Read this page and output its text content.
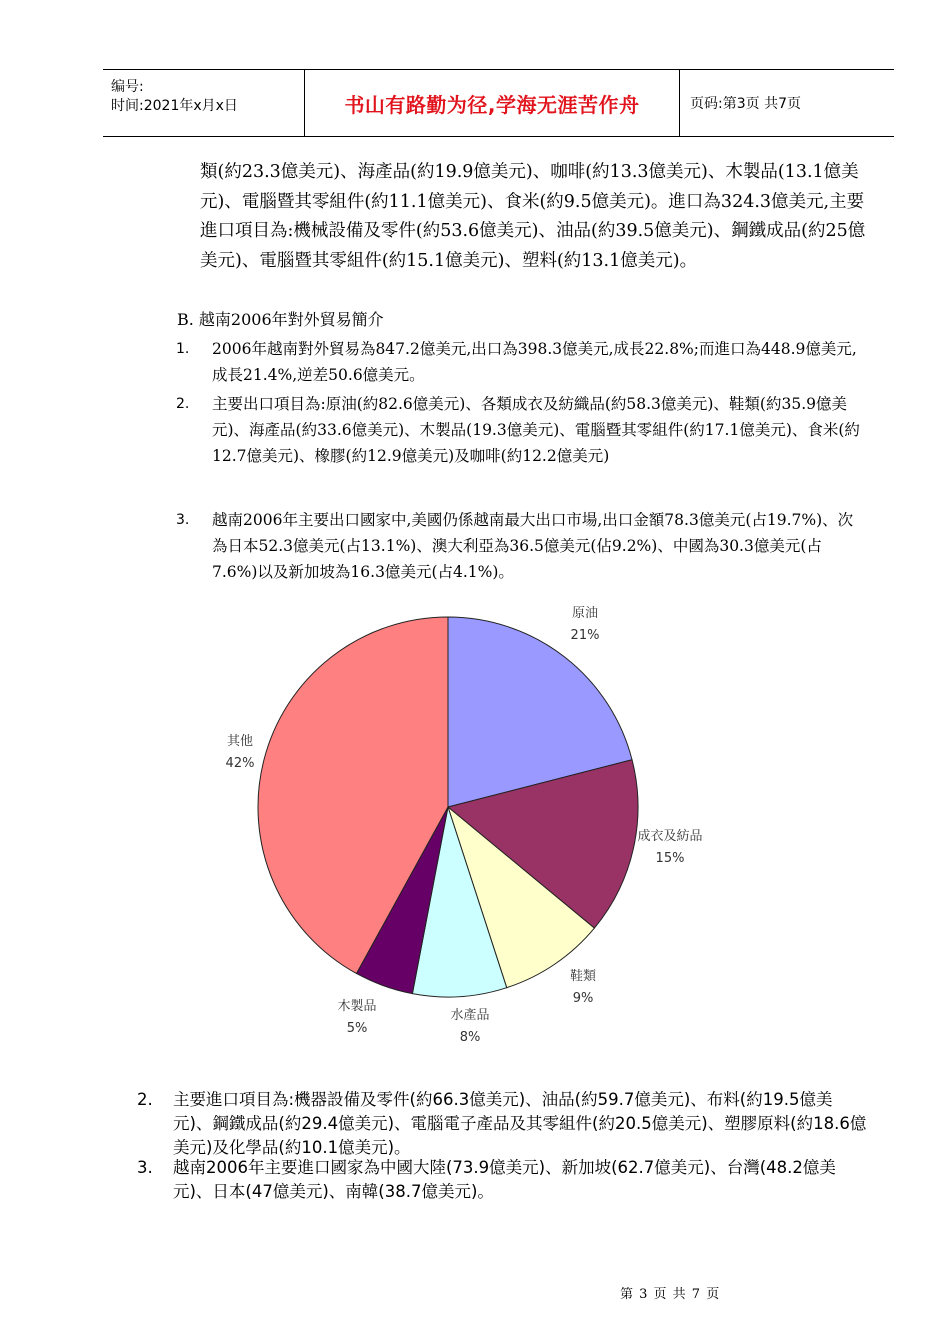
编号:
时间:2021年x月x日	书山有路勤为径,学海无涯苦作舟	页码:第3页 共7页

類(約23.3億美元)、海產品(約19.9億美元)、咖啡(約13.3億美元)、木製品(13.1億美元)、電腦暨其零組件(約11.1億美元)、食米(約9.5億美元)。進口為324.3億美元,主要進口項目為:機械設備及零件(約53.6億美元)、油品(約39.5億美元)、鋼鐵成品(約25億美元)、電腦暨其零組件(約15.1億美元)、塑料(約13.1億美元)。

B. 越南2006年對外貿易簡介
1. 2006年越南對外貿易為847.2億美元,出口為398.3億美元,成長22.8%;而進口為448.9億美元,成長21.4%,逆差50.6億美元。
2. 主要出口項目為:原油(約82.6億美元)、各類成衣及紡織品(約58.3億美元)、鞋類(約35.9億美元)、海產品(約33.6億美元)、木製品(19.3億美元)、電腦暨其零組件(約17.1億美元)、食米(約12.7億美元)、橡膠(約12.9億美元)及咖啡(約12.2億美元)
3. 越南2006年主要出口國家中,美國仍係越南最大出口市場,出口金額78.3億美元(占19.7%)、次為日本52.3億美元(占13.1%)、澳大利亞為36.5億美元(佔9.2%)、中國為30.3億美元(占7.6%)以及新加坡為16.3億美元(占4.1%)。
原油
21%
成衣及紡品
15%
鞋類
9%
水產品
8%
木製品
5%
其他
42%
2. 主要進口項目為:機器設備及零件(約66.3億美元)、油品(約59.7億美元)、布料(約19.5億美元)、鋼鐵成品(約29.4億美元)、電腦電子產品及其零組件(約20.5億美元)、塑膠原料(約18.6億美元)及化學品(約10.1億美元)。
3. 越南2006年主要進口國家為中國大陸(73.9億美元)、新加坡(62.7億美元)、台灣(48.2億美元)、日本(47億美元)、南韓(38.7億美元)。
第 3 页 共 7 页
